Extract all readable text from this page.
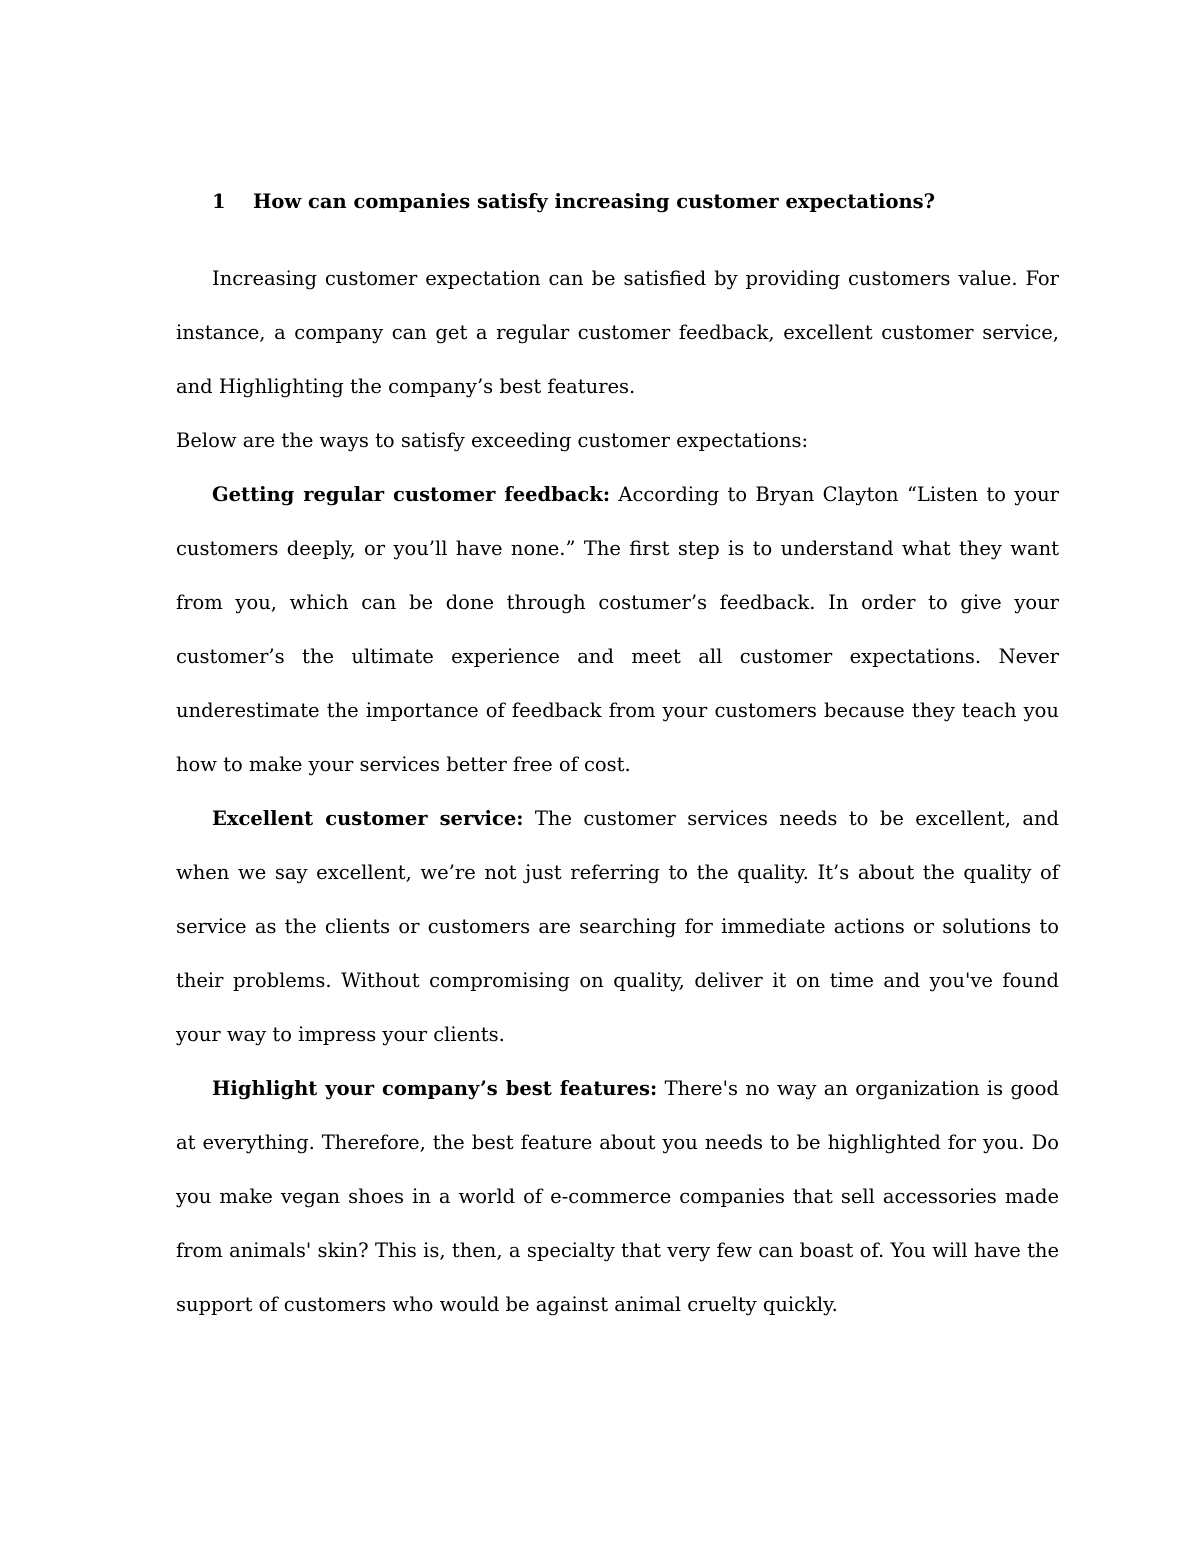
1	How can companies satisfy increasing customer expectations?

Increasing customer expectation can be satisfied by providing customers value. For instance, a company can get a regular customer feedback, excellent customer service, and Highlighting the company’s best features.

Below are the ways to satisfy exceeding customer expectations:

Getting regular customer feedback: According to Bryan Clayton “Listen to your customers deeply, or you’ll have none.” The first step is to understand what they want from you, which can be done through costumer’s feedback. In order to give your customer’s the ultimate experience and meet all customer expectations. Never underestimate the importance of feedback from your customers because they teach you how to make your services better free of cost.

Excellent customer service: The customer services needs to be excellent, and when we say excellent, we’re not just referring to the quality. It’s about the quality of service as the clients or customers are searching for immediate actions or solutions to their problems. Without compromising on quality, deliver it on time and you've found your way to impress your clients.

Highlight your company’s best features: There's no way an organization is good at everything. Therefore, the best feature about you needs to be highlighted for you. Do you make vegan shoes in a world of e-commerce companies that sell accessories made from animals' skin? This is, then, a specialty that very few can boast of. You will have the support of customers who would be against animal cruelty quickly.
